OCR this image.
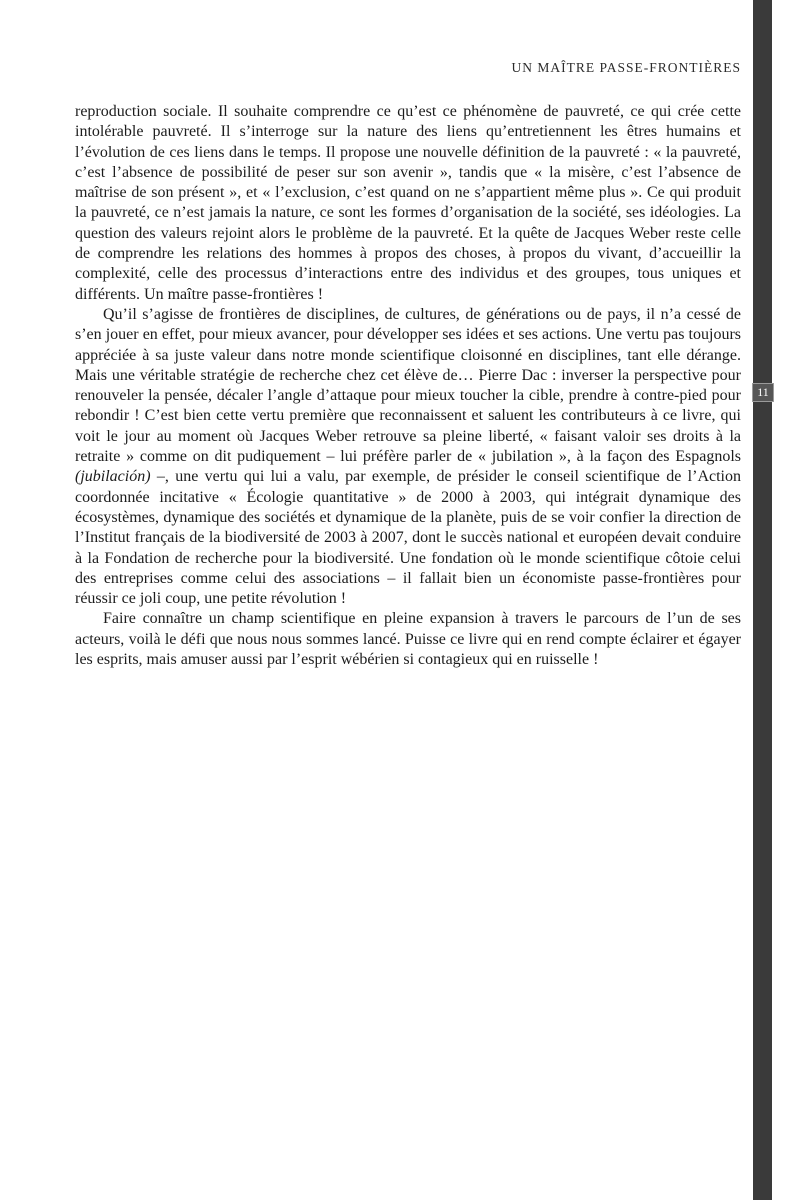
11
UN MAÎTRE PASSE-FRONTIÈRES

reproduction sociale. Il souhaite comprendre ce qu’est ce phénomène de pauvreté, ce qui crée cette intolérable pauvreté. Il s’interroge sur la nature des liens qu’entretiennent les êtres humains et l’évolution de ces liens dans le temps. Il propose une nouvelle définition de la pauvreté : « la pauvreté, c’est l’absence de possibilité de peser sur son avenir », tandis que « la misère, c’est l’absence de maîtrise de son présent », et « l’exclusion, c’est quand on ne s’appartient même plus ». Ce qui produit la pauvreté, ce n’est jamais la nature, ce sont les formes d’organisation de la société, ses idéologies. La question des valeurs rejoint alors le problème de la pauvreté. Et la quête de Jacques Weber reste celle de comprendre les relations des hommes à propos des choses, à propos du vivant, d’accueillir la complexité, celle des processus d’interactions entre des individus et des groupes, tous uniques et différents. Un maître passe-frontières !

Qu’il s’agisse de frontières de disciplines, de cultures, de générations ou de pays, il n’a cessé de s’en jouer en effet, pour mieux avancer, pour développer ses idées et ses actions. Une vertu pas toujours appréciée à sa juste valeur dans notre monde scientifique cloisonné en disciplines, tant elle dérange. Mais une véritable stratégie de recherche chez cet élève de… Pierre Dac : inverser la perspective pour renouveler la pensée, décaler l’angle d’attaque pour mieux toucher la cible, prendre à contre-pied pour rebondir ! C’est bien cette vertu première que reconnaissent et saluent les contributeurs à ce livre, qui voit le jour au moment où Jacques Weber retrouve sa pleine liberté, « faisant valoir ses droits à la retraite » comme on dit pudiquement – lui préfère parler de « jubilation », à la façon des Espagnols (jubilación) –, une vertu qui lui a valu, par exemple, de présider le conseil scientifique de l’Action coordonnée incitative « Écologie quantitative » de 2000 à 2003, qui intégrait dynamique des écosystèmes, dynamique des sociétés et dynamique de la planète, puis de se voir confier la direction de l’Institut français de la biodiversité de 2003 à 2007, dont le succès national et européen devait conduire à la Fondation de recherche pour la biodiversité. Une fondation où le monde scientifique côtoie celui des entreprises comme celui des associations – il fallait bien un économiste passe-frontières pour réussir ce joli coup, une petite révolution !

Faire connaître un champ scientifique en pleine expansion à travers le parcours de l’un de ses acteurs, voilà le défi que nous nous sommes lancé. Puisse ce livre qui en rend compte éclairer et égayer les esprits, mais amuser aussi par l’esprit wébérien si contagieux qui en ruisselle !
